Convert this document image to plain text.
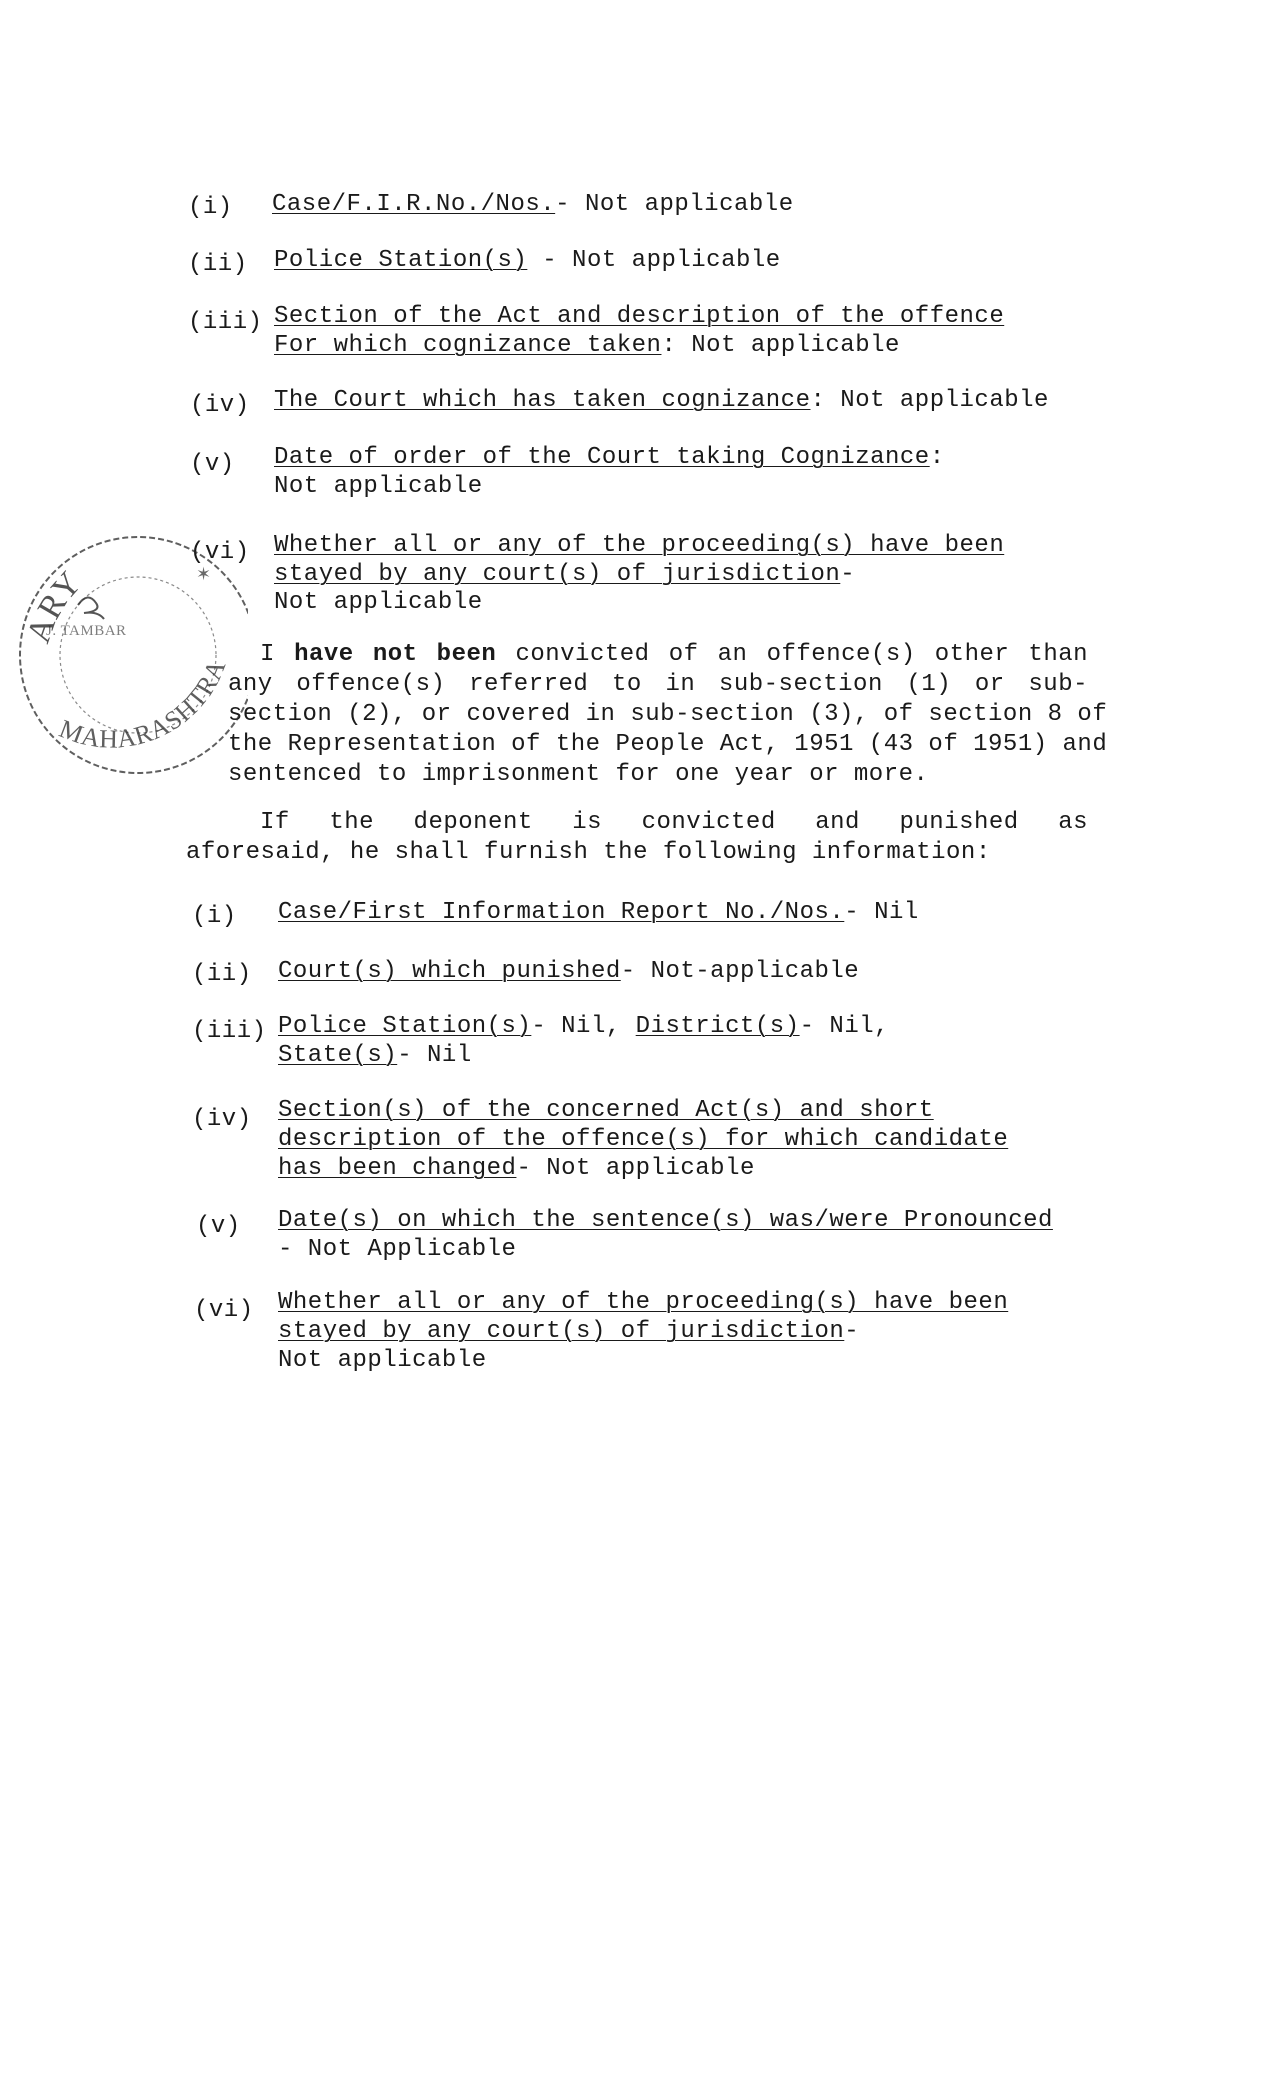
(i) Case/F.I.R.No./Nos.- Not applicable
(ii) Police Station(s) - Not applicable
(iii) Section of the Act and description of the offence
For which cognizance taken: Not applicable
(iv) The Court which has taken cognizance: Not applicable
(v) Date of order of the Court taking Cognizance:
Not applicable
(vi) Whether all or any of the proceeding(s) have been
stayed by any court(s) of jurisdiction-
Not applicable
I have not been convicted of an offence(s) other than
any offence(s) referred to in sub-section (1) or sub-
section (2), or covered in sub-section (3), of section 8 of
the Representation of the People Act, 1951 (43 of 1951) and
sentenced to imprisonment for one year or more.
If the deponent is convicted and punished as
aforesaid, he shall furnish the following information:
(i) Case/First Information Report No./Nos.- Nil
(ii) Court(s) which punished- Not-applicable
(iii) Police Station(s)- Nil, District(s)- Nil,
State(s)- Nil
(iv) Section(s) of the concerned Act(s) and short
description of the offence(s) for which candidate
has been changed- Not applicable
(v) Date(s) on which the sentence(s) was/were Pronounced
- Not Applicable
(vi) Whether all or any of the proceeding(s) have been
stayed by any court(s) of jurisdiction-
Not applicable
ARY
MAHARASHTRA
J. TAMBAR
✶
